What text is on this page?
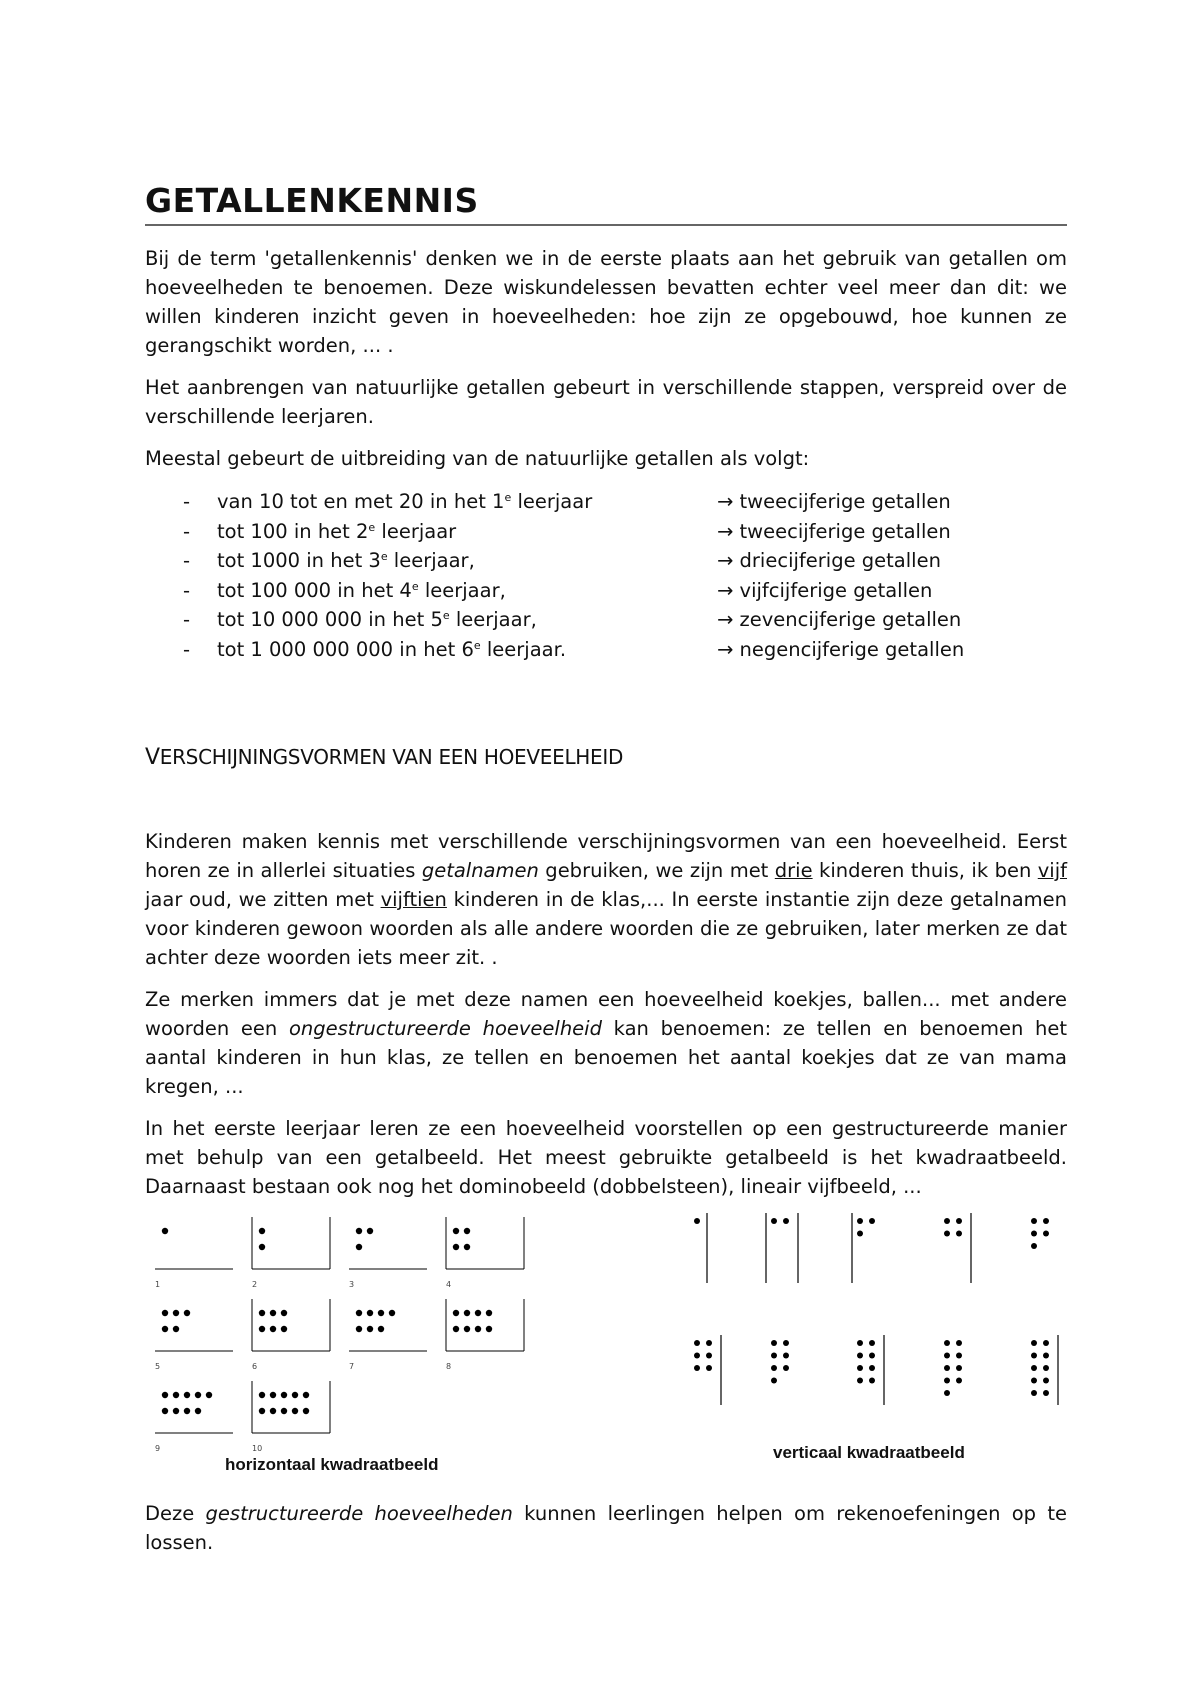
GETALLENKENNIS

Bij de term 'getallenkennis' denken we in de eerste plaats aan het gebruik van getallen om hoeveelheden te benoemen. Deze wiskundelessen bevatten echter veel meer dan dit: we willen kinderen inzicht geven in hoeveelheden: hoe zijn ze opgebouwd, hoe kunnen ze gerangschikt worden, ... .

Het aanbrengen van natuurlijke getallen gebeurt in verschillende stappen, verspreid over de verschillende leerjaren.

Meestal gebeurt de uitbreiding van de natuurlijke getallen als volgt:

- van 10 tot en met 20 in het 1e leerjaar	→ tweecijferige getallen
- tot 100 in het 2e leerjaar	→ tweecijferige getallen
- tot 1000 in het 3e leerjaar,	→ driecijferige getallen
- tot 100 000 in het 4e leerjaar,	→ vijfcijferige getallen
- tot 10 000 000 in het 5e leerjaar,	→ zevencijferige getallen
- tot 1 000 000 000 in het 6e leerjaar.	→ negencijferige getallen
VERSCHIJNINGSVORMEN VAN EEN HOEVEELHEID

Kinderen maken kennis met verschillende verschijningsvormen van een hoeveelheid. Eerst horen ze in allerlei situaties getalnamen gebruiken, we zijn met drie kinderen thuis, ik ben vijf jaar oud, we zitten met vijftien kinderen in de klas,... In eerste instantie zijn deze getalnamen voor kinderen gewoon woorden als alle andere woorden die ze gebruiken, later merken ze dat achter deze woorden iets meer zit. .

Ze merken immers dat je met deze namen een hoeveelheid koekjes, ballen... met andere woorden een ongestructureerde hoeveelheid kan benoemen: ze tellen en benoemen het aantal kinderen in hun klas, ze tellen en benoemen het aantal koekjes dat ze van mama kregen, ...

In het eerste leerjaar leren ze een hoeveelheid voorstellen op een gestructureerde manier met behulp van een getalbeeld. Het meest gebruikte getalbeeld is het kwadraatbeeld. Daarnaast bestaan ook nog het dominobeeld (dobbelsteen), lineair vijfbeeld, ...

1	2	3	4
5	6	7	8
9	10
horizontaal kwadraatbeeld
verticaal kwadraatbeeld

Deze gestructureerde hoeveelheden kunnen leerlingen helpen om rekenoefeningen op te lossen.
